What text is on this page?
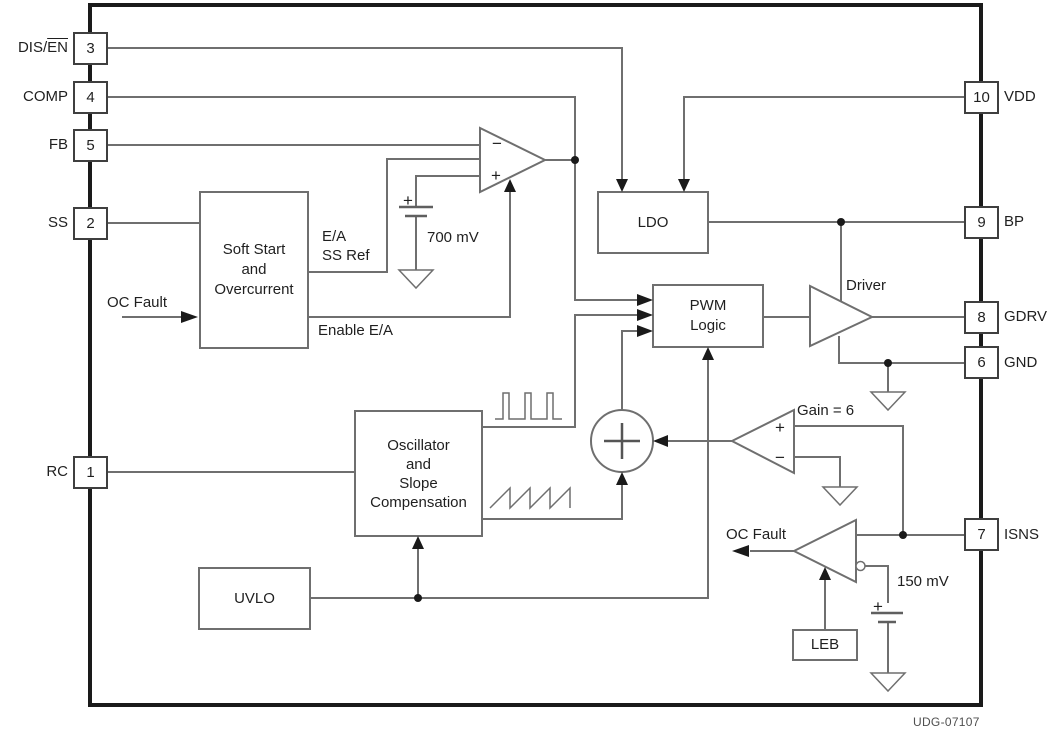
3
4
5
2
1
10
9
8
6
7
DIS/$\overline{EN}$
COMP
FB
SS
RC
VDD
BP
GDRV
GND
ISNS
Soft Start
and
Overcurrent
Oscillator
and
Slope
Compensation
UVLO
LDO
PWM
Logic
LEB
Driver
OC Fault
E/A
SS Ref
Enable E/A
700 mV
Gain = 6
OC Fault
150 mV
UDG-07107
−
+
+
−
+
+
